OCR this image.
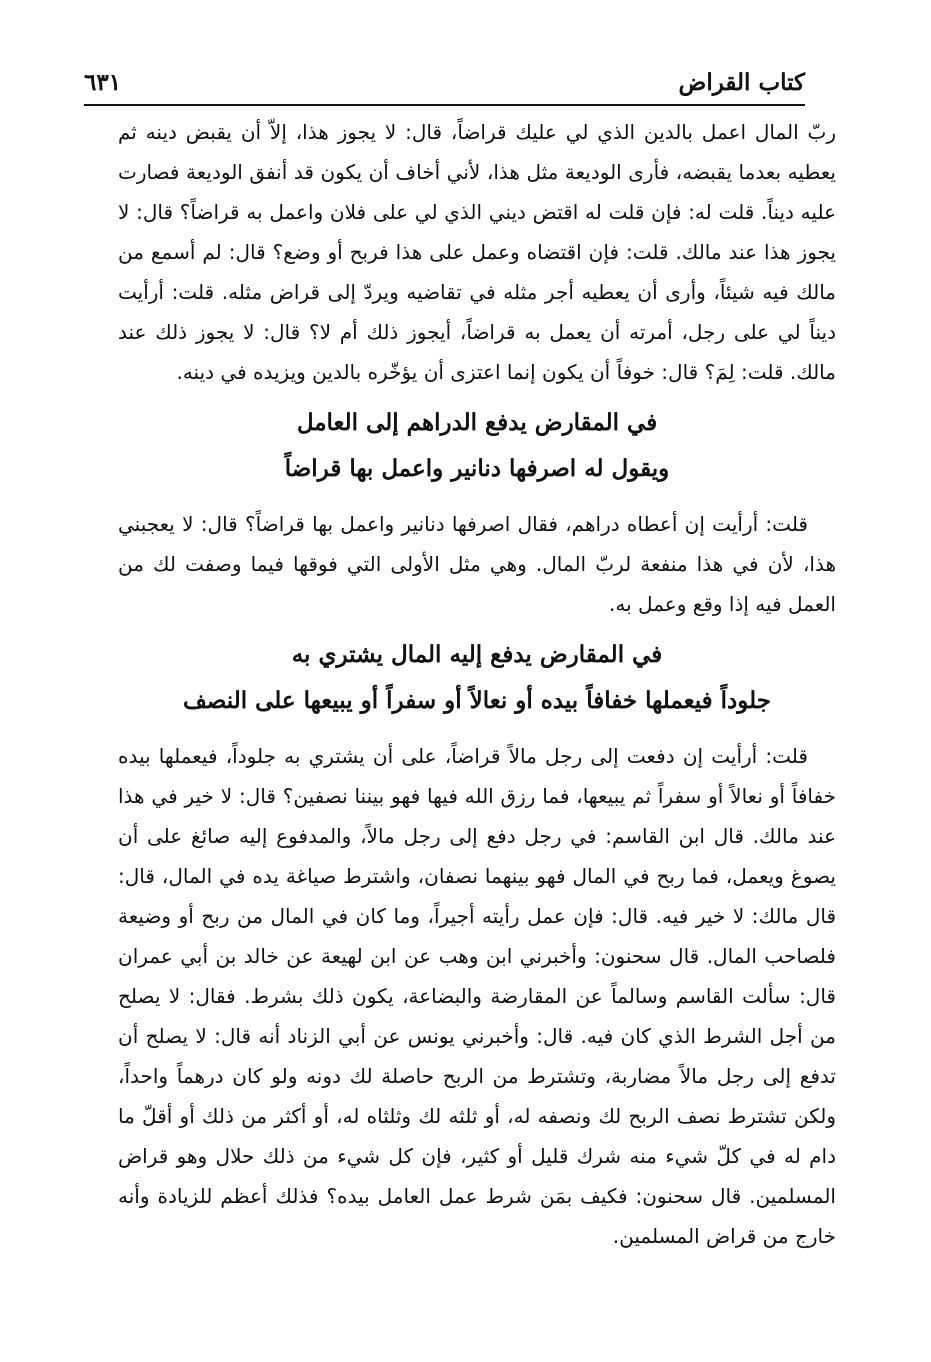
كتاب القراض
٦٣١

ربّ المال اعمل بالدين الذي لي عليك قراضاً، قال: لا يجوز هذا، إلاّ أن يقبض دينه ثم يعطيه بعدما يقبضه، فأرى الوديعة مثل هذا، لأني أخاف أن يكون قد أنفق الوديعة فصارت عليه ديناً. قلت له: فإن قلت له اقتض ديني الذي لي على فلان واعمل به قراضاً؟ قال: لا يجوز هذا عند مالك. قلت: فإن اقتضاه وعمل على هذا فربح أو وضع؟ قال: لم أسمع من مالك فيه شيئاً، وأرى أن يعطيه أجر مثله في تقاضيه ويردّ إلى قراض مثله. قلت: أرأيت ديناً لي على رجل، أمرته أن يعمل به قراضاً، أيجوز ذلك أم لا؟ قال: لا يجوز ذلك عند مالك. قلت: لِمَ؟ قال: خوفاً أن يكون إنما اعتزى أن يؤخّره بالدين ويزيده في دينه.

في المقارض يدفع الدراهم إلى العامل
ويقول له اصرفها دنانير واعمل بها قراضاً

قلت: أرأيت إن أعطاه دراهم، فقال اصرفها دنانير واعمل بها قراضاً؟ قال: لا يعجبني هذا، لأن في هذا منفعة لربّ المال. وهي مثل الأولى التي فوقها فيما وصفت لك من العمل فيه إذا وقع وعمل به.

في المقارض يدفع إليه المال يشتري به
جلوداً فيعملها خفافاً بيده أو نعالاً أو سفراً أو يبيعها على النصف

قلت: أرأيت إن دفعت إلى رجل مالاً قراضاً، على أن يشتري به جلوداً، فيعملها بيده خفافاً أو نعالاً أو سفراً ثم يبيعها، فما رزق الله فيها فهو بيننا نصفين؟ قال: لا خير في هذا عند مالك. قال ابن القاسم: في رجل دفع إلى رجل مالاً، والمدفوع إليه صائغ على أن يصوغ ويعمل، فما ربح في المال فهو بينهما نصفان، واشترط صياغة يده في المال، قال: قال مالك: لا خير فيه. قال: فإن عمل رأيته أجيراً، وما كان في المال من ربح أو وضيعة فلصاحب المال. قال سحنون: وأخبرني ابن وهب عن ابن لهيعة عن خالد بن أبي عمران قال: سألت القاسم وسالماً عن المقارضة والبضاعة، يكون ذلك بشرط. فقال: لا يصلح من أجل الشرط الذي كان فيه. قال: وأخبرني يونس عن أبي الزناد أنه قال: لا يصلح أن تدفع إلى رجل مالاً مضاربة، وتشترط من الربح حاصلة لك دونه ولو كان درهماً واحداً، ولكن تشترط نصف الربح لك ونصفه له، أو ثلثه لك وثلثاه له، أو أكثر من ذلك أو أقلّ ما دام له في كلّ شيء منه شرك قليل أو كثير، فإن كل شيء من ذلك حلال وهو قراض المسلمين. قال سحنون: فكيف بمَن شرط عمل العامل بيده؟ فذلك أعظم للزيادة وأنه خارج من قراض المسلمين.
